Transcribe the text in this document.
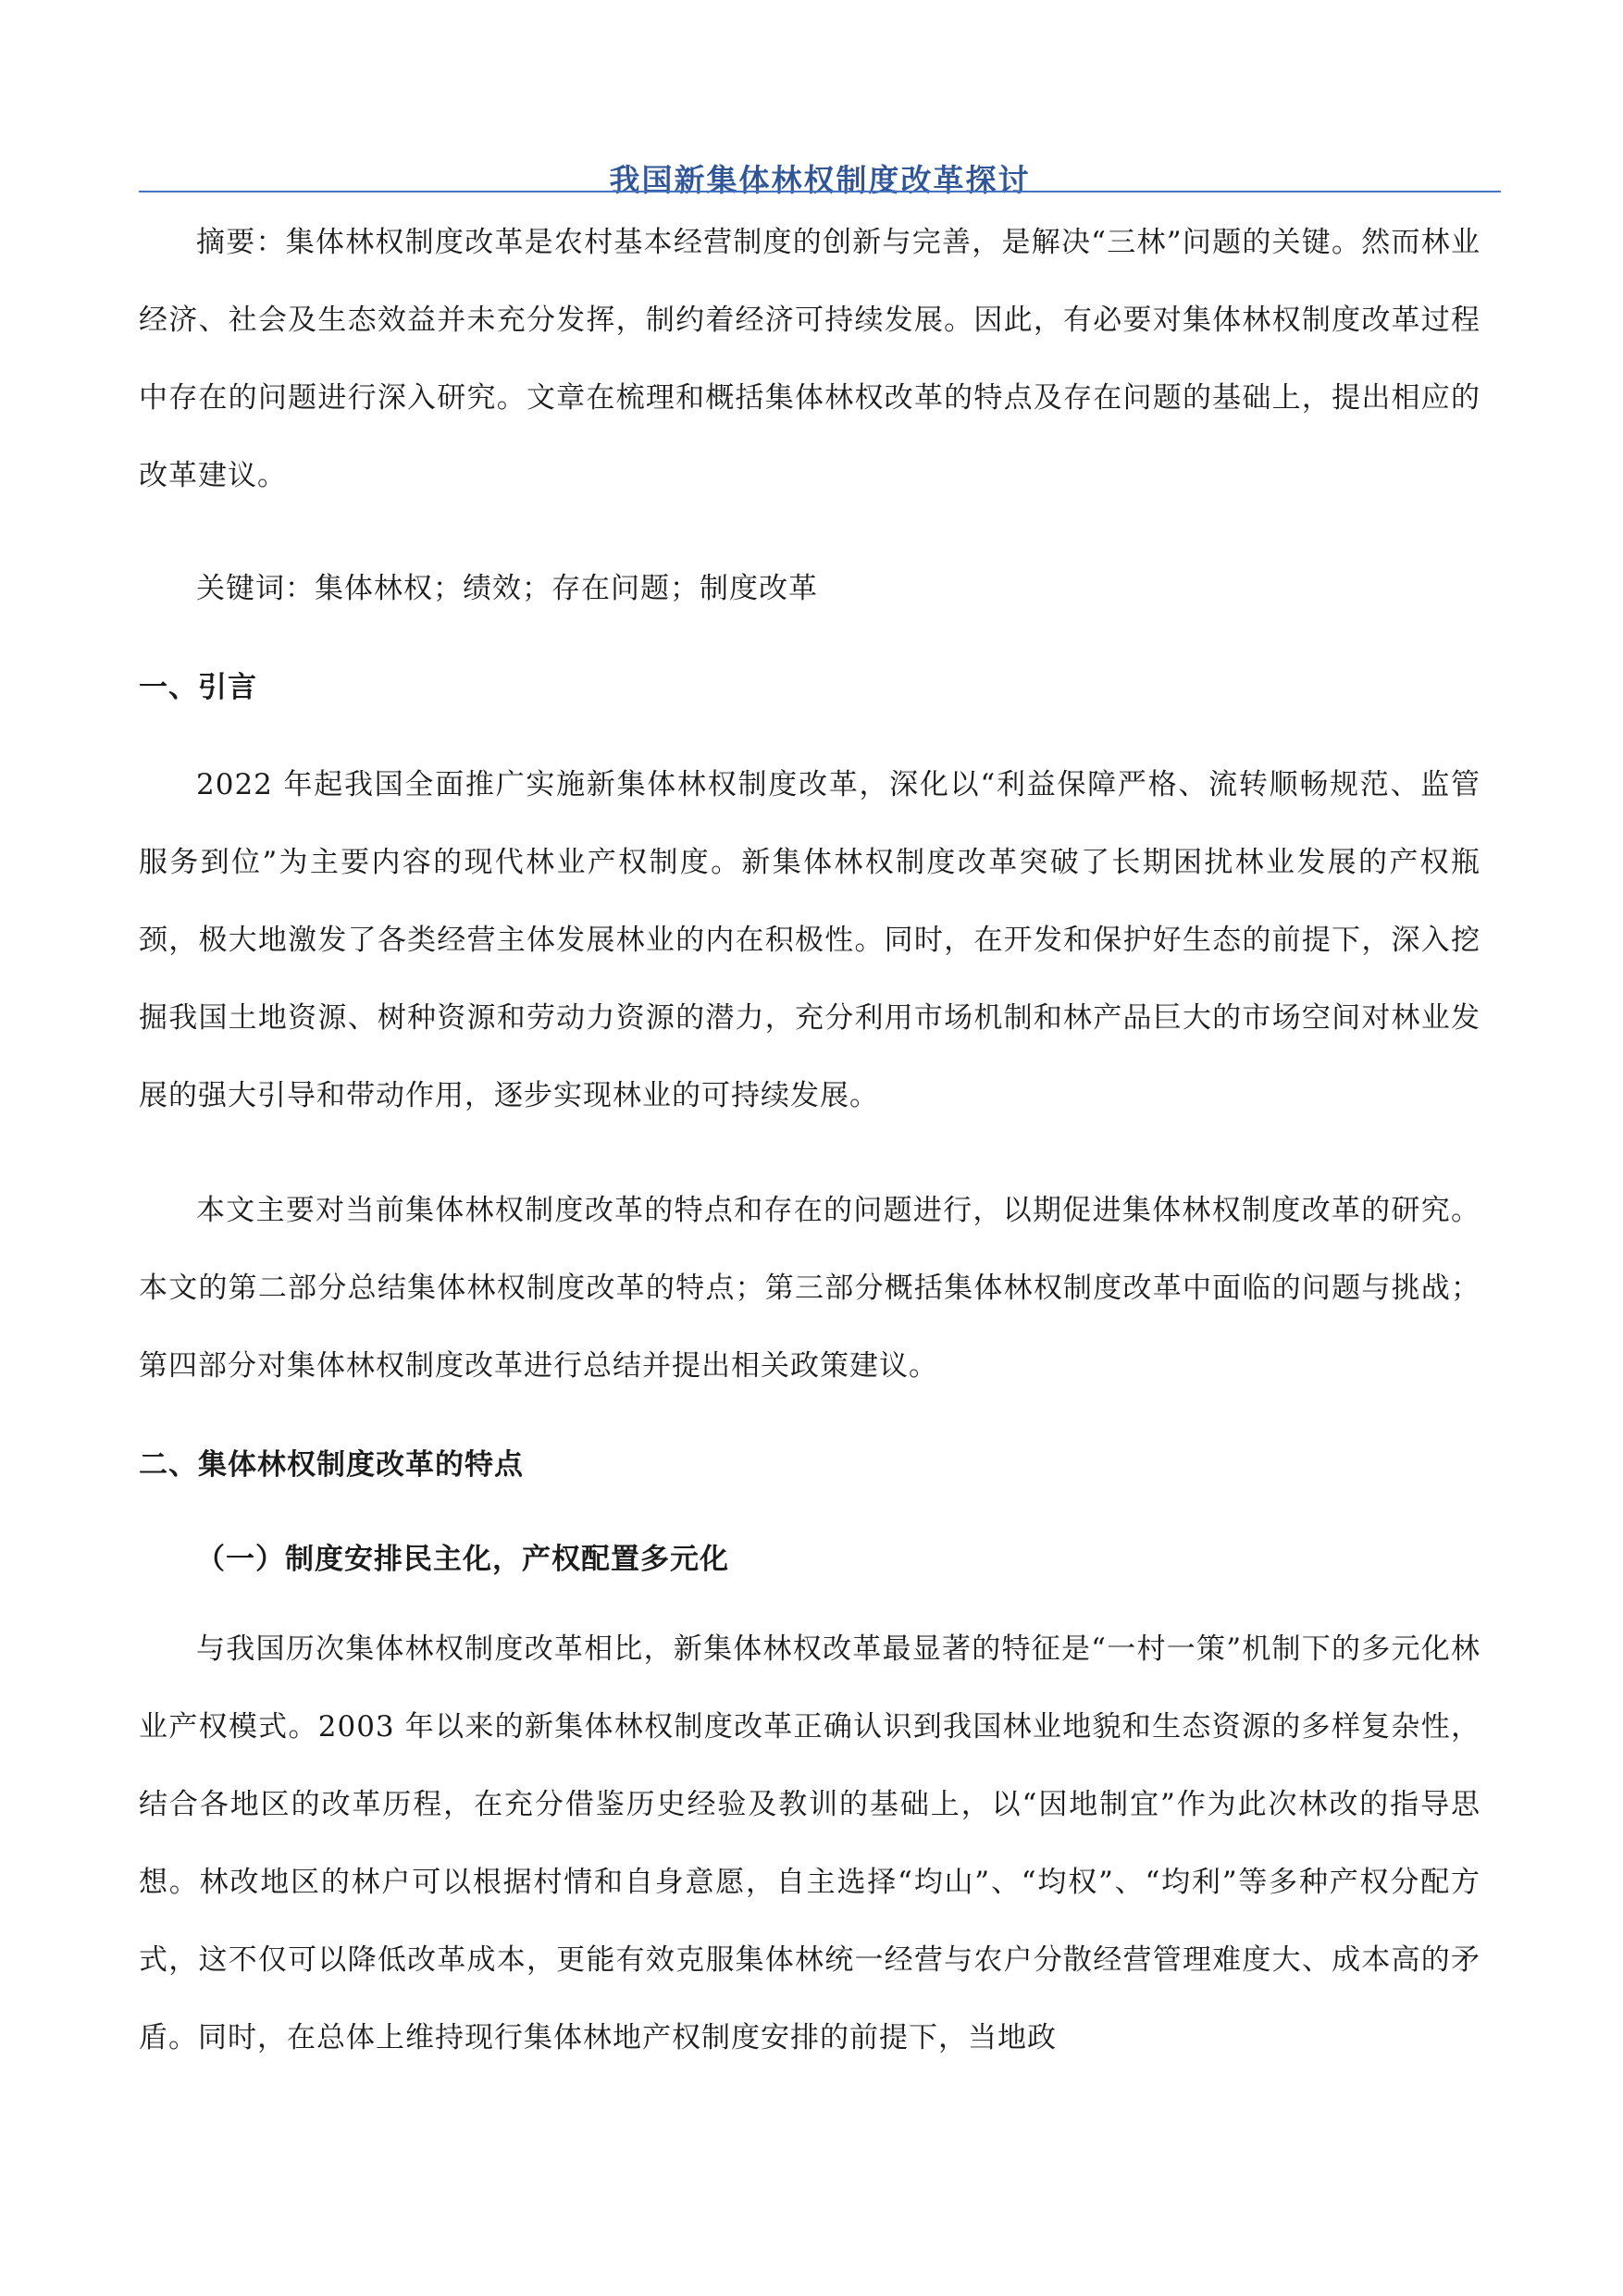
我国新集体林权制度改革探讨

摘要：集体林权制度改革是农村基本经营制度的创新与完善，是解决“三林”问题的关键。然而林业经济、社会及生态效益并未充分发挥，制约着经济可持续发展。因此，有必要对集体林权制度改革过程中存在的问题进行深入研究。文章在梳理和概括集体林权改革的特点及存在问题的基础上，提出相应的改革建议。

关键词：集体林权；绩效；存在问题；制度改革

一、引言

2022 年起我国全面推广实施新集体林权制度改革，深化以“利益保障严格、流转顺畅规范、监管服务到位”为主要内容的现代林业产权制度。新集体林权制度改革突破了长期困扰林业发展的产权瓶颈，极大地激发了各类经营主体发展林业的内在积极性。同时，在开发和保护好生态的前提下，深入挖掘我国土地资源、树种资源和劳动力资源的潜力，充分利用市场机制和林产品巨大的市场空间对林业发展的强大引导和带动作用，逐步实现林业的可持续发展。

本文主要对当前集体林权制度改革的特点和存在的问题进行，以期促进集体林权制度改革的研究。本文的第二部分总结集体林权制度改革的特点；第三部分概括集体林权制度改革中面临的问题与挑战；第四部分对集体林权制度改革进行总结并提出相关政策建议。

二、集体林权制度改革的特点
（一）制度安排民主化，产权配置多元化

与我国历次集体林权制度改革相比，新集体林权改革最显著的特征是“一村一策”机制下的多元化林业产权模式。2003 年以来的新集体林权制度改革正确认识到我国林业地貌和生态资源的多样复杂性，结合各地区的改革历程，在充分借鉴历史经验及教训的基础上，以“因地制宜”作为此次林改的指导思想。林改地区的林户可以根据村情和自身意愿，自主选择“均山”、“均权”、“均利”等多种产权分配方式，这不仅可以降低改革成本，更能有效克服集体林统一经营与农户分散经营管理难度大、成本高的矛盾。同时，在总体上维持现行集体林地产权制度安排的前提下，当地政
